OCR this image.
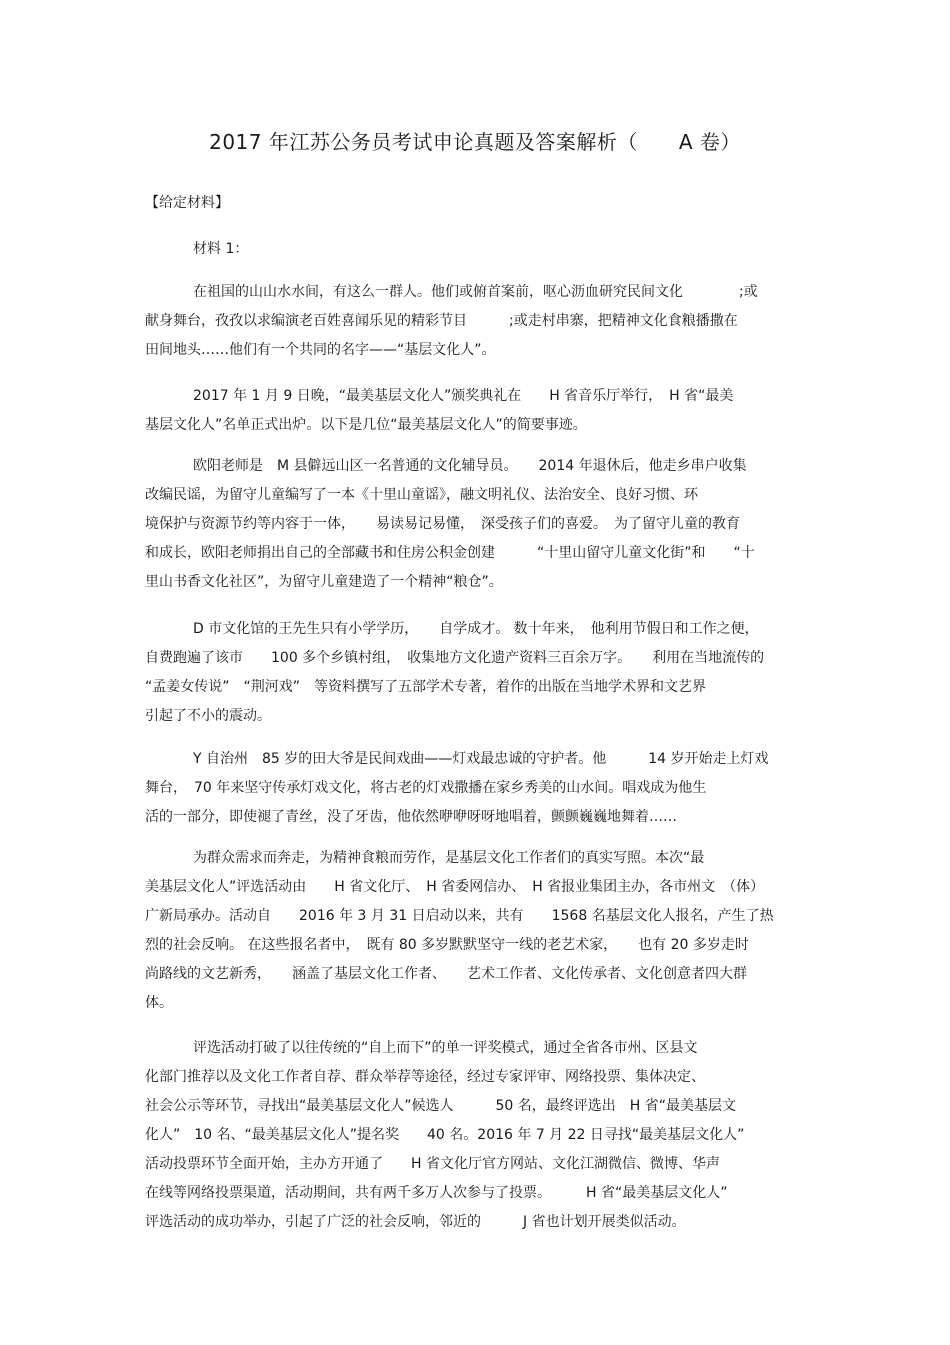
2017 年江苏公务员考试申论真题及答案解析（　　A 卷）
【给定材料】
材料 1：
在祖国的山山水水间，有这么一群人。他们或俯首案前，呕心沥血研究民间文化　　　　;或
献身舞台，孜孜以求编演老百姓喜闻乐见的精彩节目　　　;或走村串寨，把精神文化食粮播撒在
田间地头……他们有一个共同的名字——“基层文化人”。
2017 年 1 月 9 日晚，“最美基层文化人”颁奖典礼在　　H 省音乐厅举行，　H 省“最美
基层文化人”名单正式出炉。以下是几位“最美基层文化人”的简要事迹。
欧阳老师是　M 县僻远山区一名普通的文化辅导员。　　2014 年退休后，他走乡串户收集
改编民谣，为留守儿童编写了一本《十里山童谣》，融文明礼仪、法治安全、良好习惯、环
境保护与资源节约等内容于一体，　　易读易记易懂，　深受孩子们的喜爱。　为了留守儿童的教育
和成长，欧阳老师捐出自己的全部藏书和住房公积金创建　　　“十里山留守儿童文化街”和　　“十
里山书香文化社区”，为留守儿童建造了一个精神“粮仓”。
D 市文化馆的王先生只有小学学历，　　自学成才。 数十年来，　他利用节假日和工作之便，
自费跑遍了该市　　100 多个乡镇村组，　收集地方文化遗产资料三百余万字。　　利用在当地流传的
“孟姜女传说”　“荆河戏”　等资料撰写了五部学术专著，着作的出版在当地学术界和文艺界
引起了不小的震动。
Y 自治州　85 岁的田大爷是民间戏曲——灯戏最忠诚的守护者。他　　　14 岁开始走上灯戏
舞台，　70 年来坚守传承灯戏文化，将古老的灯戏撒播在家乡秀美的山水间。唱戏成为他生
活的一部分，即使褪了青丝，没了牙齿，他依然咿咿呀呀地唱着，颤颤巍巍地舞着……
为群众需求而奔走，为精神食粮而劳作，是基层文化工作者们的真实写照。本次“最
美基层文化人”评选活动由　　H 省文化厅、　H 省委网信办、　H 省报业集团主办，各市州文　（体）
广新局承办。活动自　　2016 年 3 月 31 日启动以来，共有　　1568 名基层文化人报名，产生了热
烈的社会反响。 在这些报名者中，　既有 80 多岁默默坚守一线的老艺术家，　　也有 20 多岁走时
尚路线的文艺新秀，　　涵盖了基层文化工作者、　　艺术工作者、文化传承者、文化创意者四大群
体。
评选活动打破了以往传统的“自上而下”的单一评奖模式，通过全省各市州、区县文
化部门推荐以及文化工作者自荐、群众举荐等途径，经过专家评审、网络投票、集体决定、
社会公示等环节，寻找出“最美基层文化人”候选人　　　50 名，最终评选出　H 省“最美基层文
化人”　10 名、“最美基层文化人”提名奖　　40 名。2016 年 7 月 22 日寻找“最美基层文化人”
活动投票环节全面开始，主办方开通了　　H 省文化厅官方网站、文化江湖微信、微博、华声
在线等网络投票渠道，活动期间，共有两千多万人次参与了投票。　　　H 省“最美基层文化人”
评选活动的成功举办，引起了广泛的社会反响，邻近的　　　J 省也计划开展类似活动。
